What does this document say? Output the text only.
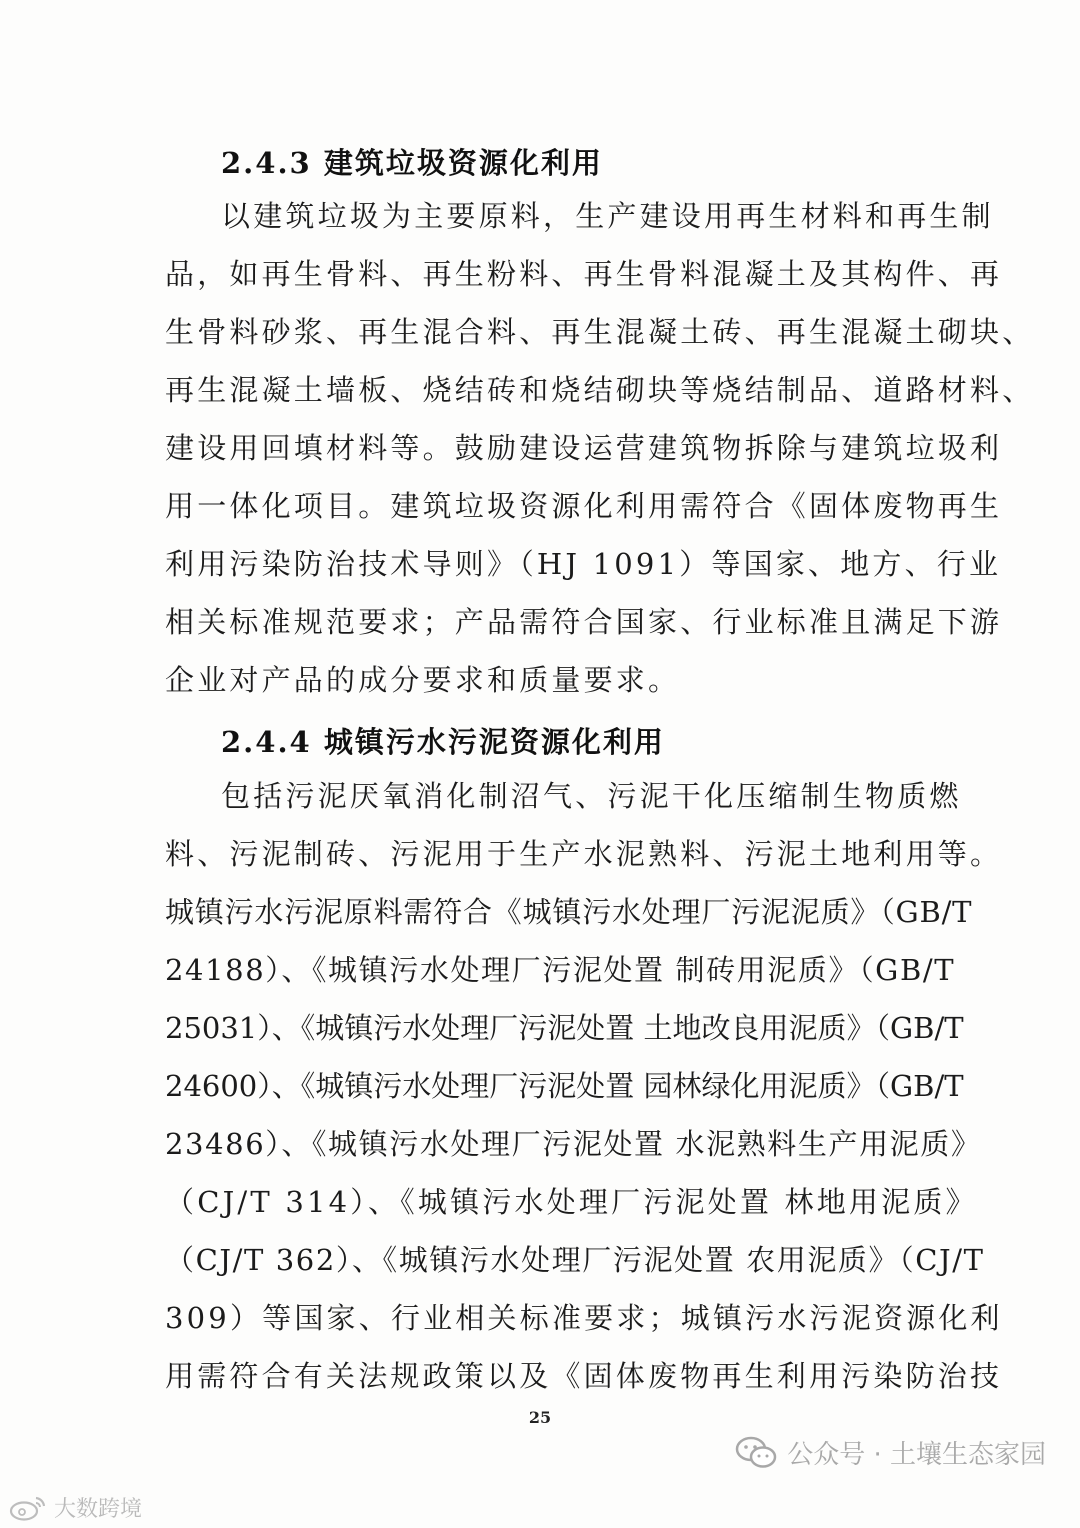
2.4.3 建筑垃圾资源化利用
以建筑垃圾为主要原料，生产建设用再生材料和再生制
品，如再生骨料、再生粉料、再生骨料混凝土及其构件、再
生骨料砂浆、再生混合料、再生混凝土砖、再生混凝土砌块、
再生混凝土墙板、烧结砖和烧结砌块等烧结制品、道路材料、
建设用回填材料等。鼓励建设运营建筑物拆除与建筑垃圾利
用一体化项目。建筑垃圾资源化利用需符合《固体废物再生
利用污染防治技术导则》（HJ 1091）等国家、地方、行业
相关标准规范要求；产品需符合国家、行业标准且满足下游
企业对产品的成分要求和质量要求。
2.4.4 城镇污水污泥资源化利用
包括污泥厌氧消化制沼气、污泥干化压缩制生物质燃
料、污泥制砖、污泥用于生产水泥熟料、污泥土地利用等。
城镇污水污泥原料需符合《城镇污水处理厂污泥泥质》（GB/T
24188）、《城镇污水处理厂污泥处置 制砖用泥质》（GB/T
25031）、《城镇污水处理厂污泥处置 土地改良用泥质》（GB/T
24600）、《城镇污水处理厂污泥处置 园林绿化用泥质》（GB/T
23486）、《城镇污水处理厂污泥处置 水泥熟料生产用泥质》
（CJ/T 314）、《城镇污水处理厂污泥处置 林地用泥质》
（CJ/T 362）、《城镇污水处理厂污泥处置 农用泥质》（CJ/T
309）等国家、行业相关标准要求；城镇污水污泥资源化利
用需符合有关法规政策以及《固体废物再生利用污染防治技
25
公众号 · 土壤生态家园
大数跨境
